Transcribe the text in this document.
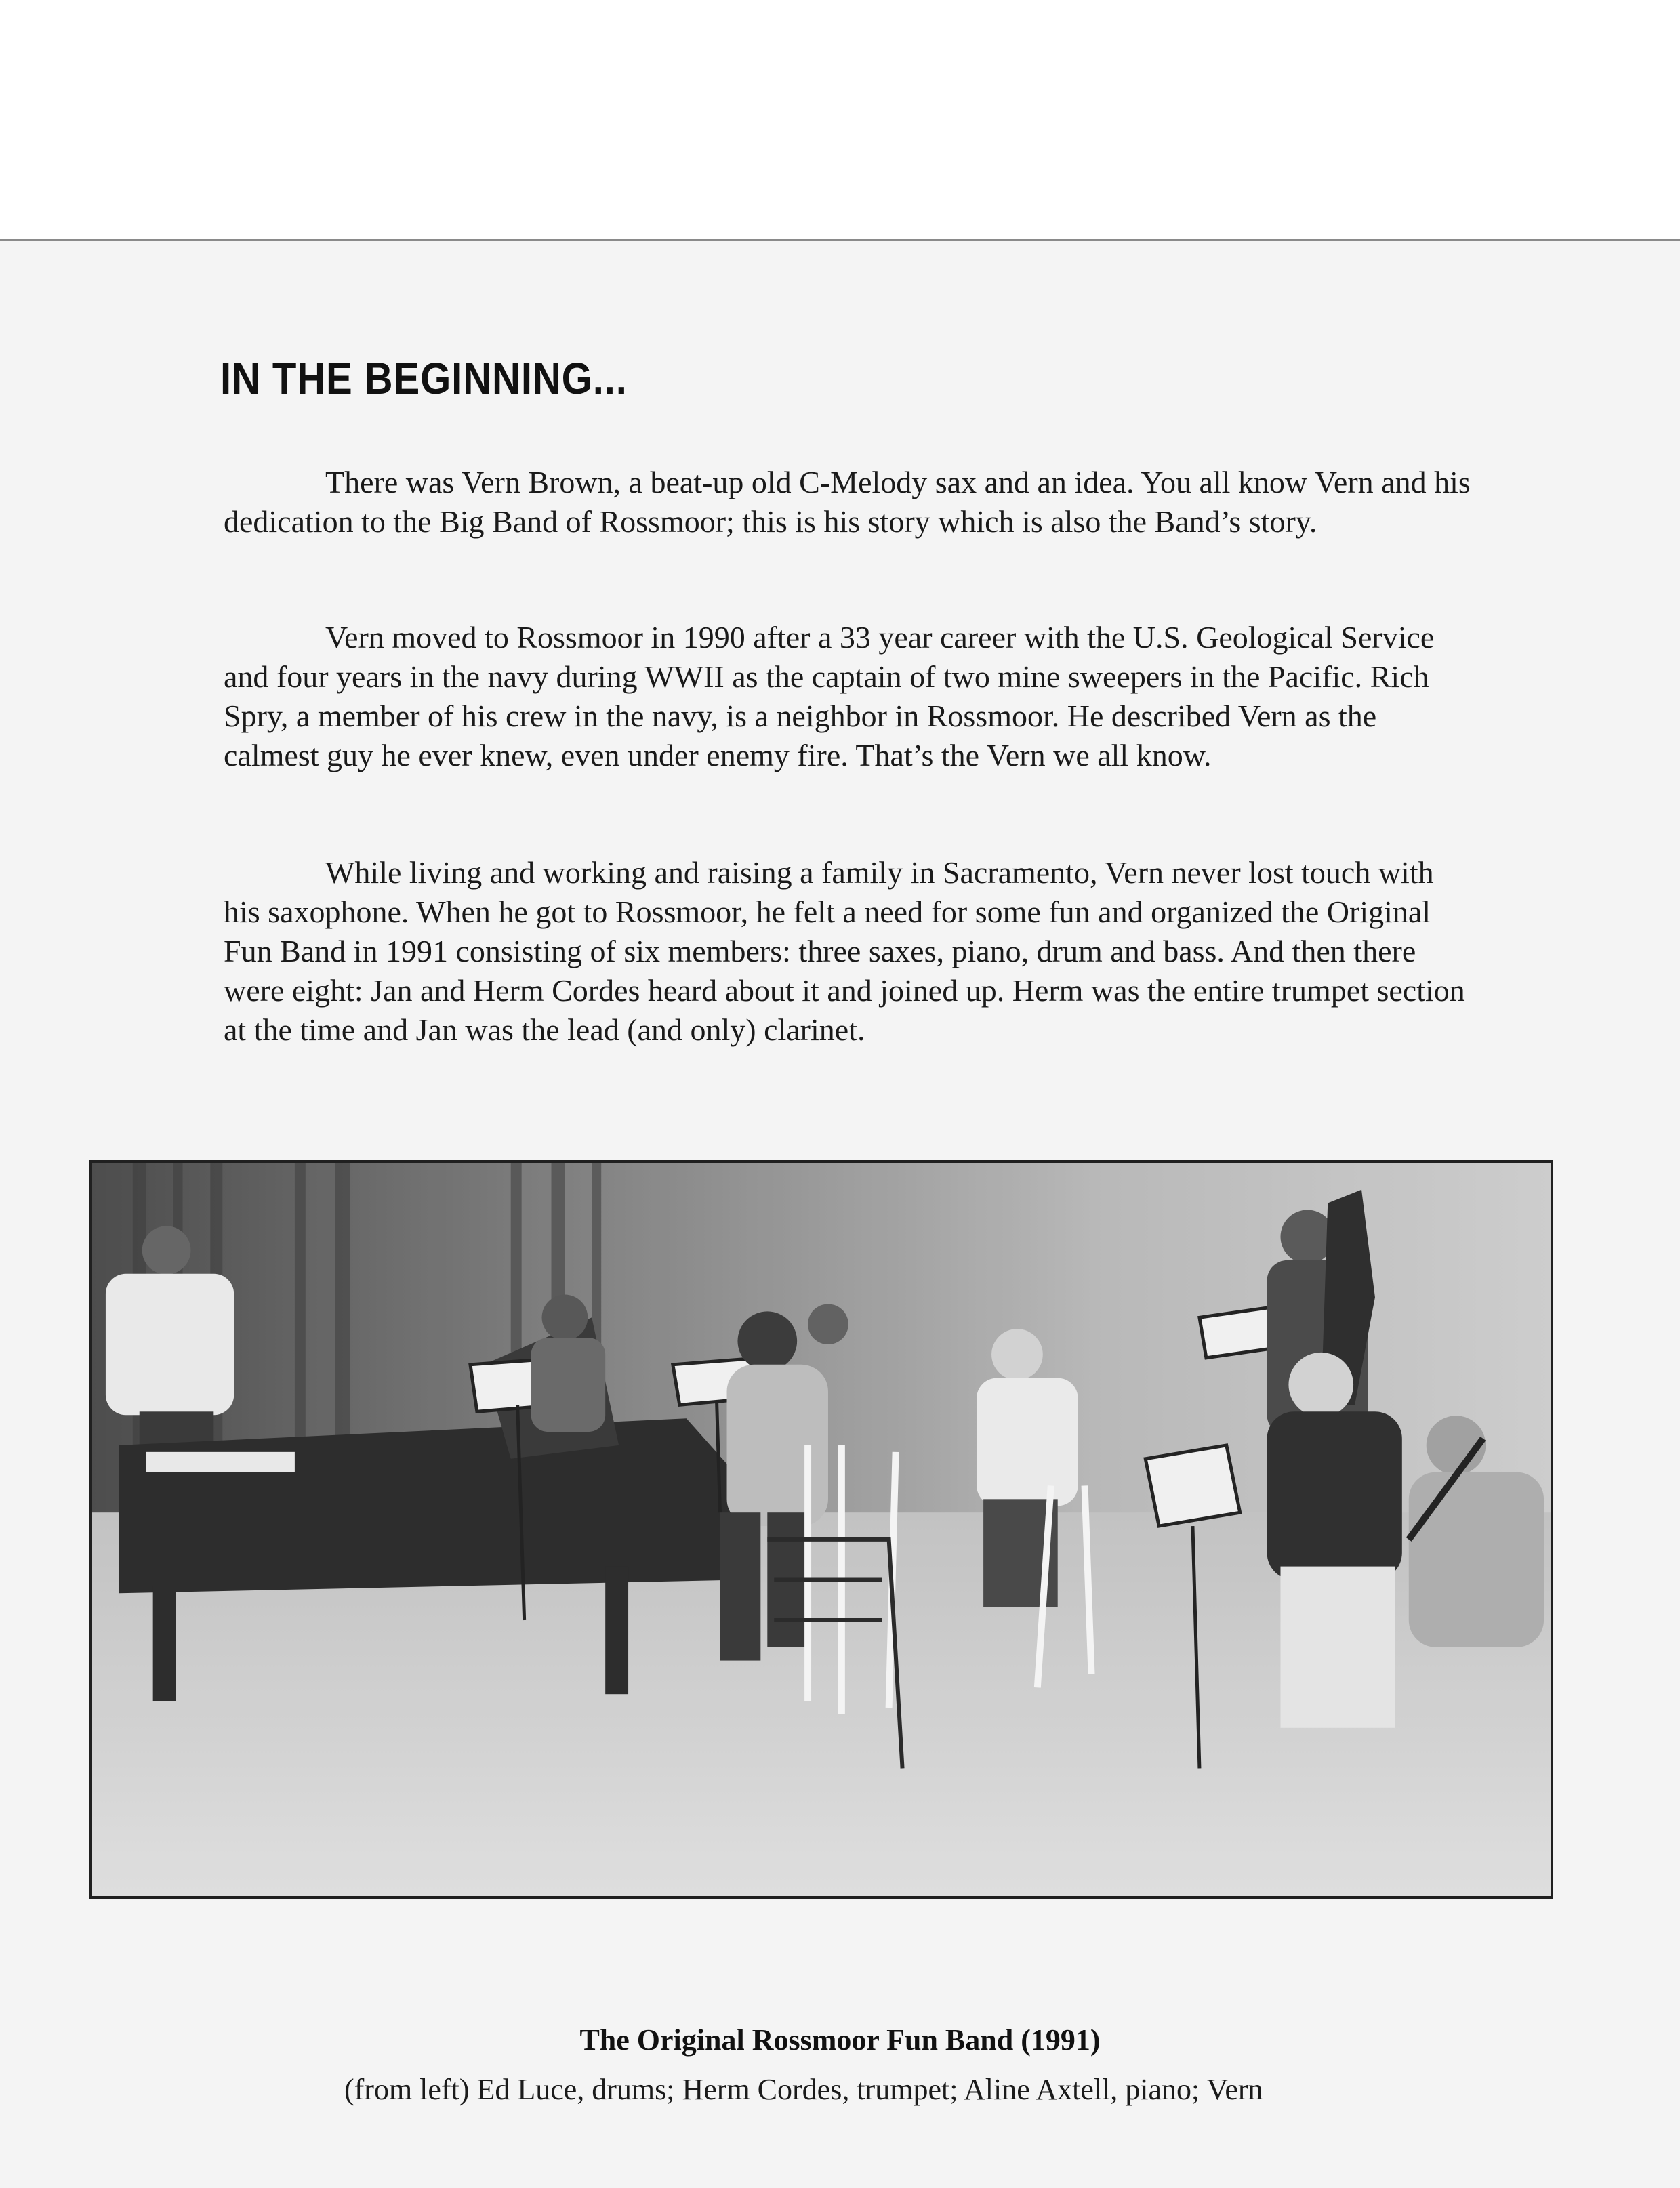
IN THE BEGINNING...

There was Vern Brown, a beat-up old C-Melody sax and an idea. You all know Vern and his dedication to the Big Band of Rossmoor; this is his story which is also the Band’s story.

Vern moved to Rossmoor in 1990 after a 33 year career with the U.S. Geological Service and four years in the navy during WWII as the captain of two mine sweepers in the Pacific. Rich Spry, a member of his crew in the navy, is a neighbor in Rossmoor. He described Vern as the calmest guy he ever knew, even under enemy fire. That’s the Vern we all know.

While living and working and raising a family in Sacramento, Vern never lost touch with his saxophone. When he got to Rossmoor, he felt a need for some fun and organized the Original Fun Band in 1991 consisting of six members: three saxes, piano, drum and bass. And then there were eight: Jan and Herm Cordes heard about it and joined up. Herm was the entire trumpet section at the time and Jan was the lead (and only) clarinet.

The Original Rossmoor Fun Band (1991)

(from left) Ed Luce, drums; Herm Cordes, trumpet; Aline Axtell, piano; Vern
